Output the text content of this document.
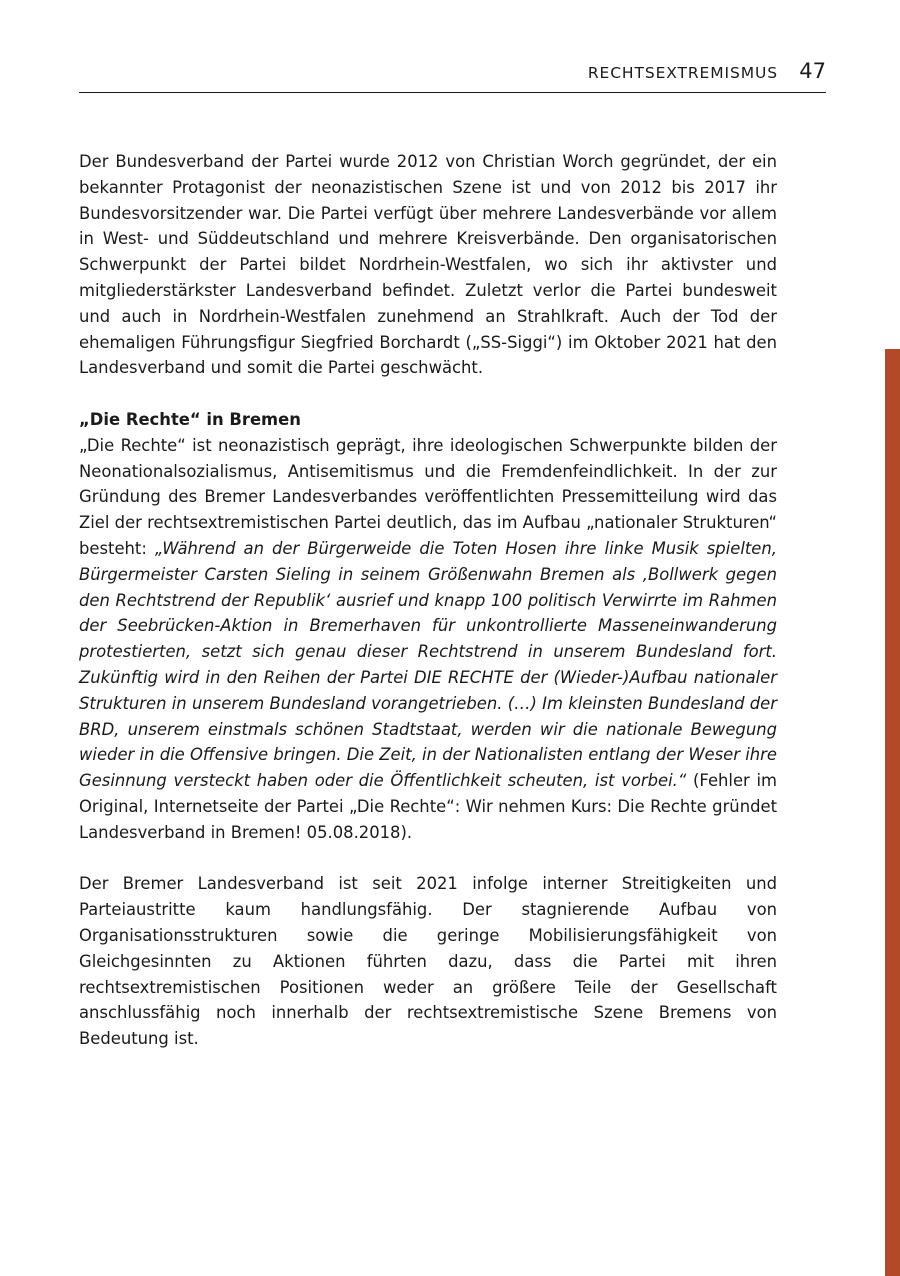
RECHTSEXTREMISMUS 47

Der Bundesverband der Partei wurde 2012 von Christian Worch gegründet, der ein bekannter Protagonist der neonazistischen Szene ist und von 2012 bis 2017 ihr Bundesvorsitzender war. Die Partei verfügt über mehrere Landesverbände vor allem in West- und Süddeutschland und mehrere Kreisverbände. Den organisatorischen Schwerpunkt der Partei bildet Nordrhein-Westfalen, wo sich ihr aktivster und mitgliederstärkster Landesverband befindet. Zuletzt verlor die Partei bundesweit und auch in Nordrhein-Westfalen zunehmend an Strahlkraft. Auch der Tod der ehemaligen Führungsfigur Siegfried Borchardt („SS-Siggi“) im Oktober 2021 hat den Landesverband und somit die Partei geschwächt.

„Die Rechte“ in Bremen

„Die Rechte“ ist neonazistisch geprägt, ihre ideologischen Schwerpunkte bilden der Neonationalsozialismus, Antisemitismus und die Fremdenfeindlichkeit. In der zur Gründung des Bremer Landesverbandes veröffentlichten Pressemitteilung wird das Ziel der rechtsextremistischen Partei deutlich, das im Aufbau „nationaler Strukturen“ besteht: „Während an der Bürgerweide die Toten Hosen ihre linke Musik spielten, Bürgermeister Carsten Sieling in seinem Größenwahn Bremen als ‚Bollwerk gegen den Rechtstrend der Republik‘ ausrief und knapp 100 politisch Verwirrte im Rahmen der Seebrücken-Aktion in Bremerhaven für unkontrollierte Masseneinwanderung protestierten, setzt sich genau dieser Rechtstrend in unserem Bundesland fort. Zukünftig wird in den Reihen der Partei DIE RECHTE der (Wieder-)Aufbau nationaler Strukturen in unserem Bundesland vorangetrieben. (…) Im kleinsten Bundesland der BRD, unserem einstmals schönen Stadtstaat, werden wir die nationale Bewegung wieder in die Offensive bringen. Die Zeit, in der Nationalisten entlang der Weser ihre Gesinnung versteckt haben oder die Öffentlichkeit scheuten, ist vorbei.“ (Fehler im Original, Internetseite der Partei „Die Rechte“: Wir nehmen Kurs: Die Rechte gründet Landesverband in Bremen! 05.08.2018).

Der Bremer Landesverband ist seit 2021 infolge interner Streitigkeiten und Parteiaustritte kaum handlungsfähig. Der stagnierende Aufbau von Organisationsstrukturen sowie die geringe Mobilisierungsfähigkeit von Gleichgesinnten zu Aktionen führten dazu, dass die Partei mit ihren rechtsextremistischen Positionen weder an größere Teile der Gesellschaft anschlussfähig noch innerhalb der rechtsextremistische Szene Bremens von Bedeutung ist.
